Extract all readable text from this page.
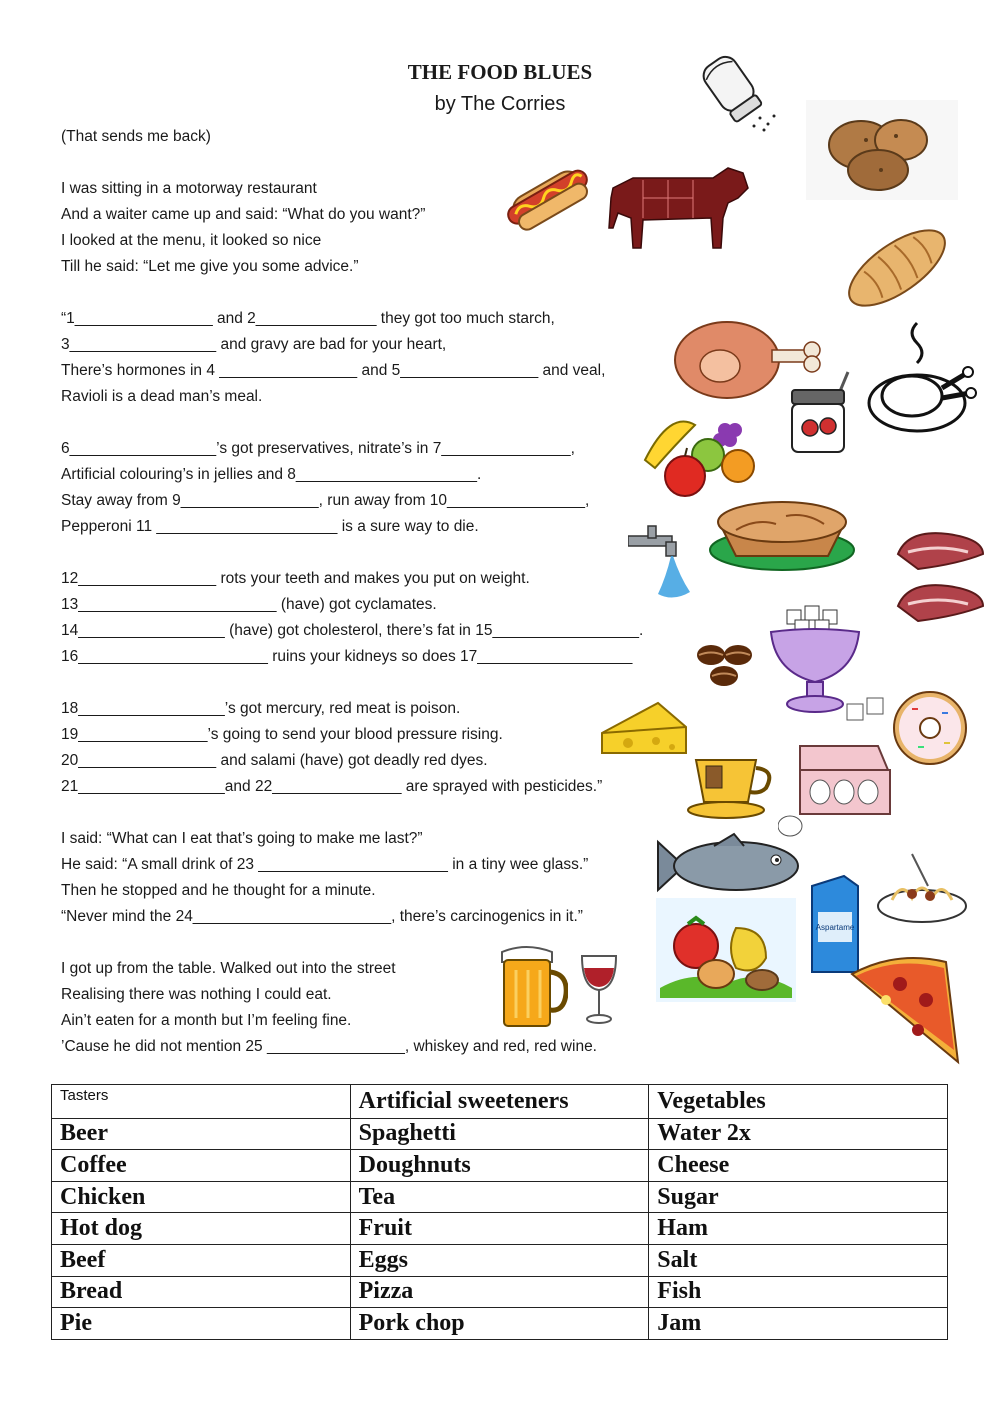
THE FOOD BLUES
by The Corries
(That sends me back)
I was sitting in a motorway restaurant
And a waiter came up and said: “What do you want?”
I looked at the menu, it looked so nice
Till he said: “Let me give you some advice.”
“1________________ and 2______________ they got too much starch,
3_________________ and gravy are bad for your heart,
There’s hormones in 4 ________________ and 5________________ and veal,
Ravioli is a dead man’s meal.
6_________________’s got preservatives, nitrate’s in 7_______________,
Artificial colouring’s in jellies and 8_____________________.
Stay away from 9________________, run away from 10________________,
Pepperoni 11 _____________________ is a sure way to die.
12________________ rots your teeth and makes you put on weight.
13_______________________ (have) got cyclamates.
14_________________ (have) got cholesterol, there’s fat in 15_________________.
16______________________ ruins your kidneys so does 17__________________
18_________________’s got mercury, red meat is poison.
19_______________’s going to send your blood pressure rising.
20________________ and salami (have) got deadly red dyes.
21_________________and 22_______________ are sprayed with pesticides.”
I said: “What can I eat that’s going to make me last?”
He said: “A small drink of 23 ______________________ in a tiny wee glass.”
Then he stopped and he thought for a minute.
“Never mind the 24_______________________, there’s carcinogenics in it.”
I got up from the table. Walked out into the street
Realising there was nothing I could eat.
Ain’t eaten for a month but I’m feeling fine.
’Cause he did not mention 25 ________________, whiskey and red, red wine.
Aspartame
Tasters	Artificial sweeteners	Vegetables
Beer	Spaghetti	Water 2x
Coffee	Doughnuts	Cheese
Chicken	Tea	Sugar
Hot dog	Fruit	Ham
Beef	Eggs	Salt
Bread	Pizza	Fish
Pie	Pork chop	Jam
